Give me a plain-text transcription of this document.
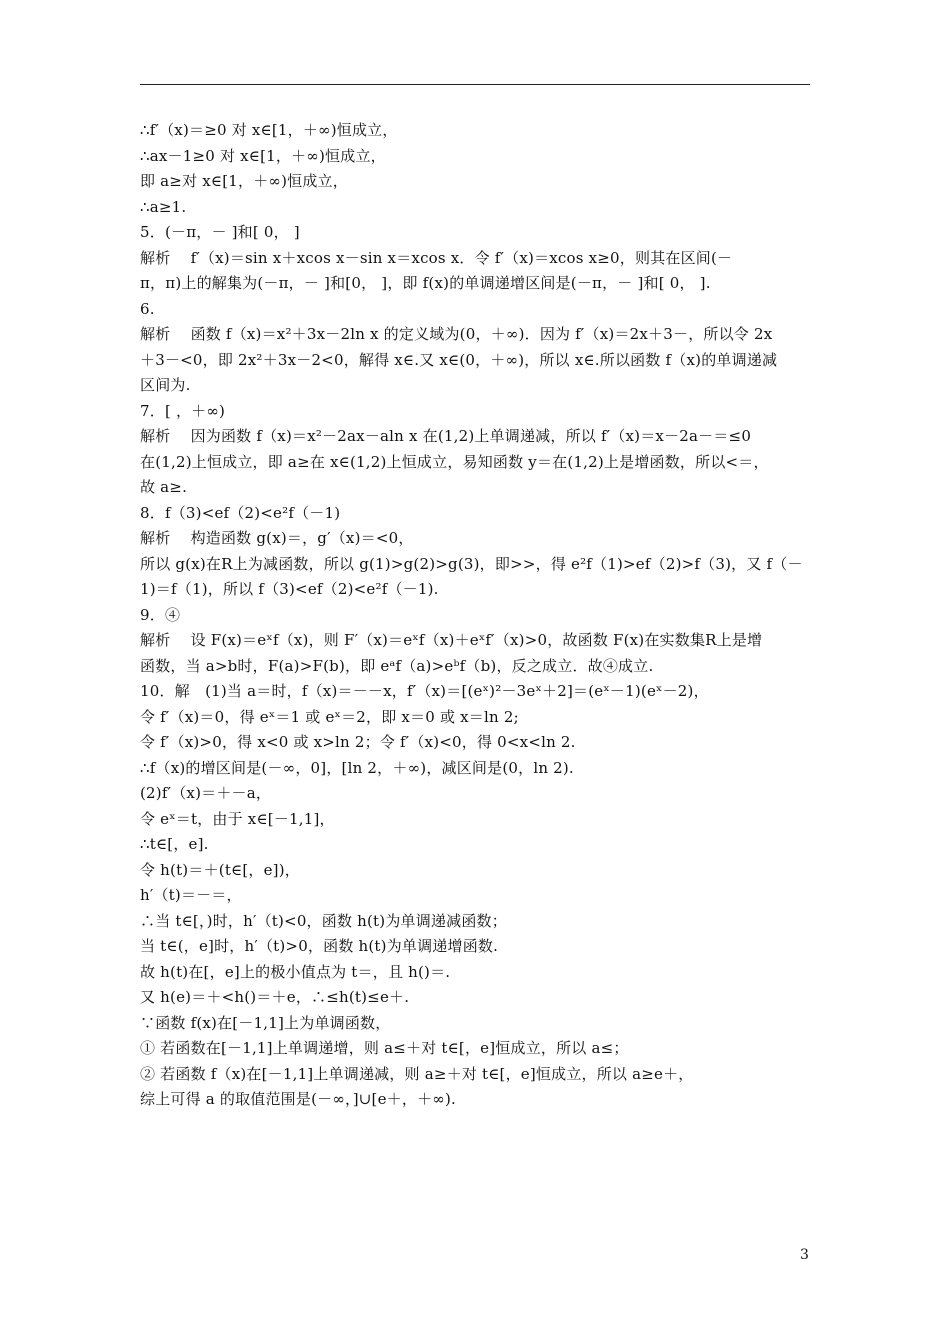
∴f′（x)＝≥0 对 x∈[1，＋∞)恒成立，
∴ax－1≥0 对 x∈[1，＋∞)恒成立，
即 a≥对 x∈[1，＋∞)恒成立，
∴a≥1.
5．(－π，－ ]和[ 0， ]
解析　 f′（x)＝sin x＋xcos x－sin x＝xcos x．令 f′（x)＝xcos x≥0，则其在区间(－
π，π)上的解集为(－π，－ ]和[0， ]，即 f(x)的单调递增区间是(－π，－ ]和[ 0， ].
6.
解析　 函数 f（x)＝x²＋3x－2ln x 的定义域为(0，＋∞)．因为 f′（x)＝2x＋3－，所以令 2x
＋3－<0，即 2x²＋3x－2<0，解得 x∈.又 x∈(0，＋∞)，所以 x∈.所以函数 f（x)的单调递减
区间为.
7．[ ，＋∞)
解析　 因为函数 f（x)＝x²－2ax－aln x 在(1,2)上单调递减，所以 f′（x)＝x－2a－＝≤0
在(1,2)上恒成立，即 a≥在 x∈(1,2)上恒成立，易知函数 y＝在(1,2)上是增函数，所以<＝，
故 a≥.
8．f（3)<ef（2)<e²f（－1)
解析　 构造函数 g(x)＝，g′（x)＝<0，
所以 g(x)在R上为减函数，所以 g(1)>g(2)>g(3)，即>>，得 e²f（1)>ef（2)>f（3)，又 f（－
1)＝f（1)，所以 f（3)<ef（2)<e²f（－1).
9．④
解析　 设 F(x)＝eˣf（x)，则 F′（x)＝eˣf（x)＋eˣf′（x)>0，故函数 F(x)在实数集R上是增
函数，当 a>b时，F(a)>F(b)，即 eᵃf（a)>eᵇf（b)，反之成立．故④成立.
10．解　(1)当 a＝时，f（x)＝－－x，f′（x)＝[(eˣ)²－3eˣ＋2]＝(eˣ－1)(eˣ－2)，
令 f′（x)＝0，得 eˣ＝1 或 eˣ＝2，即 x＝0 或 x＝ln 2;
令 f′（x)>0，得 x<0 或 x>ln 2；令 f′（x)<0，得 0<x<ln 2.
∴f（x)的增区间是(－∞，0]，[ln 2，＋∞)，减区间是(0，ln 2).
(2)f′（x)＝＋－a，
令 eˣ＝t，由于 x∈[－1,1]，
∴t∈[，e].
令 h(t)＝＋(t∈[，e])，
h′（t)＝－＝，
∴当 t∈[，)时，h′（t)<0，函数 h(t)为单调递减函数；
当 t∈(，e]时，h′（t)>0，函数 h(t)为单调递增函数.
故 h(t)在[，e]上的极小值点为 t＝，且 h()＝.
又 h(e)＝＋<h()＝＋e，∴≤h(t)≤e＋.
∵函数 f(x)在[－1,1]上为单调函数，
① 若函数在[－1,1]上单调递增，则 a≤＋对 t∈[，e]恒成立，所以 a≤；
② 若函数 f（x)在[－1,1]上单调递减，则 a≥＋对 t∈[，e]恒成立，所以 a≥e＋，
综上可得 a 的取值范围是(－∞，]∪[e＋，＋∞).
3
